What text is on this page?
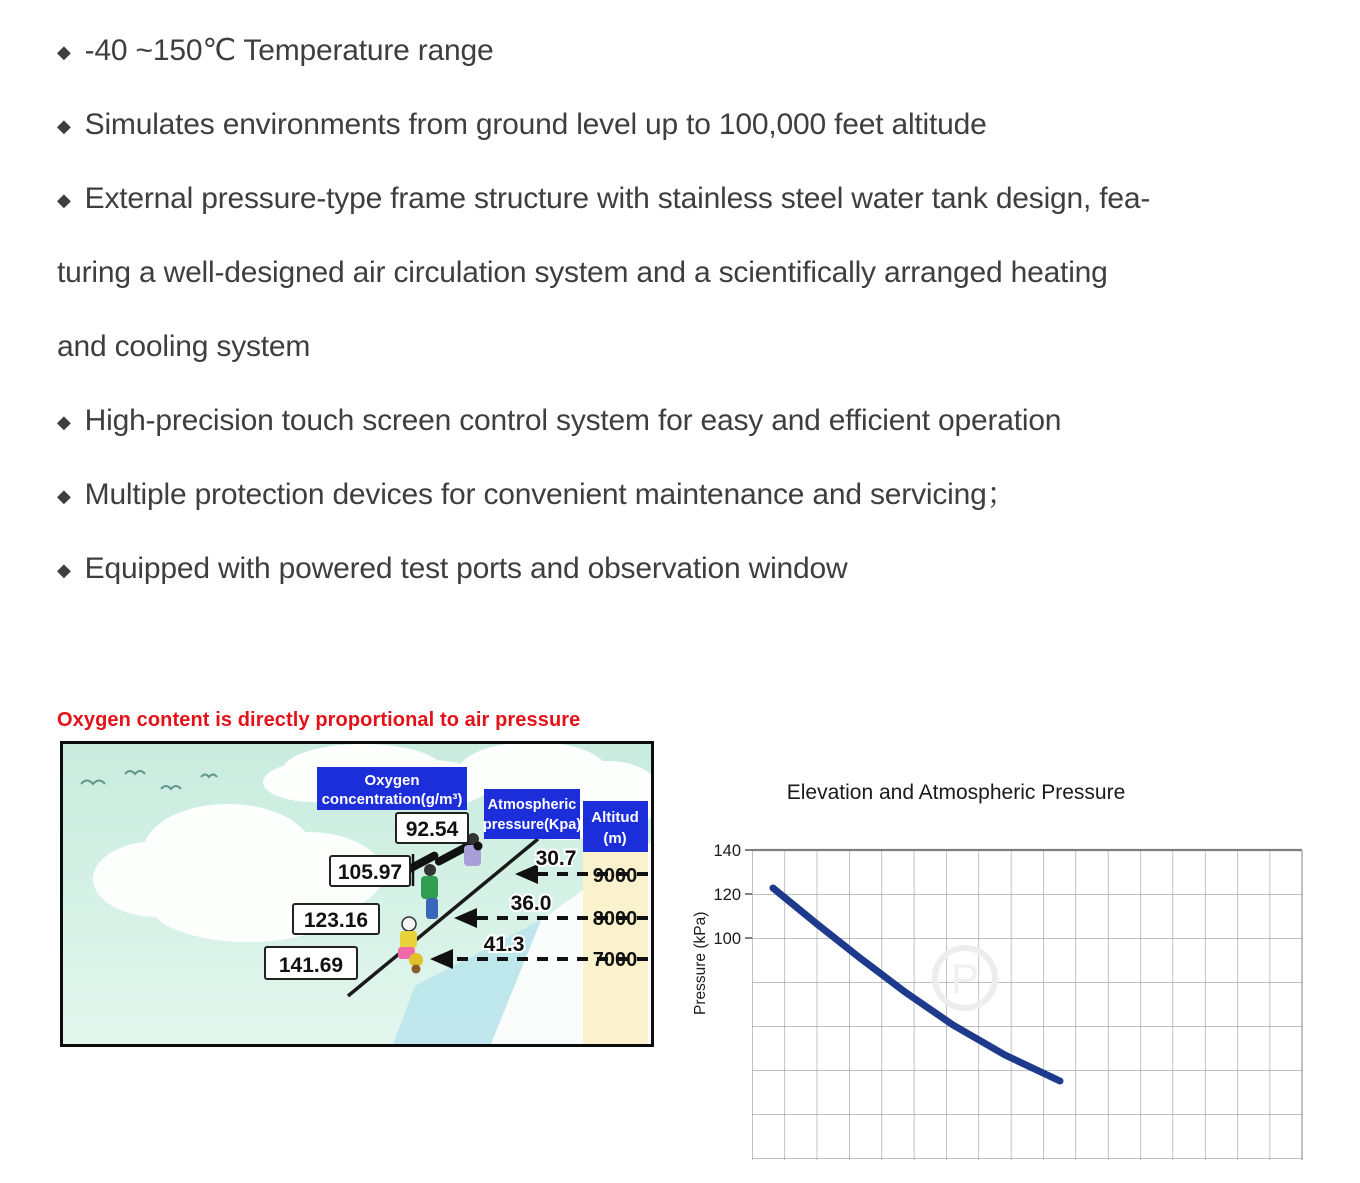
◆ -40 ~150℃ Temperature range
◆ Simulates environments from ground level up to 100,000 feet altitude
◆ External pressure-type frame structure with stainless steel water tank design, fea-
turing a well-designed air circulation system and a scientifically arranged heating
and cooling system
◆ High-precision touch screen control system for easy and efficient operation
◆ Multiple protection devices for convenient maintenance and servicing；
◆ Equipped with powered test ports and observation window
Oxygen content is directly proportional to air pressure
9000
8000
7000
30.7
36.0
41.3
92.54
105.97
123.16
141.69
Oxygen
concentration(g/m³) Atmospheric
pressure(Kpa) Altitud
(m)
Elevation and Atmospheric Pressure
P
140
120
100
Pressure (kPa)
